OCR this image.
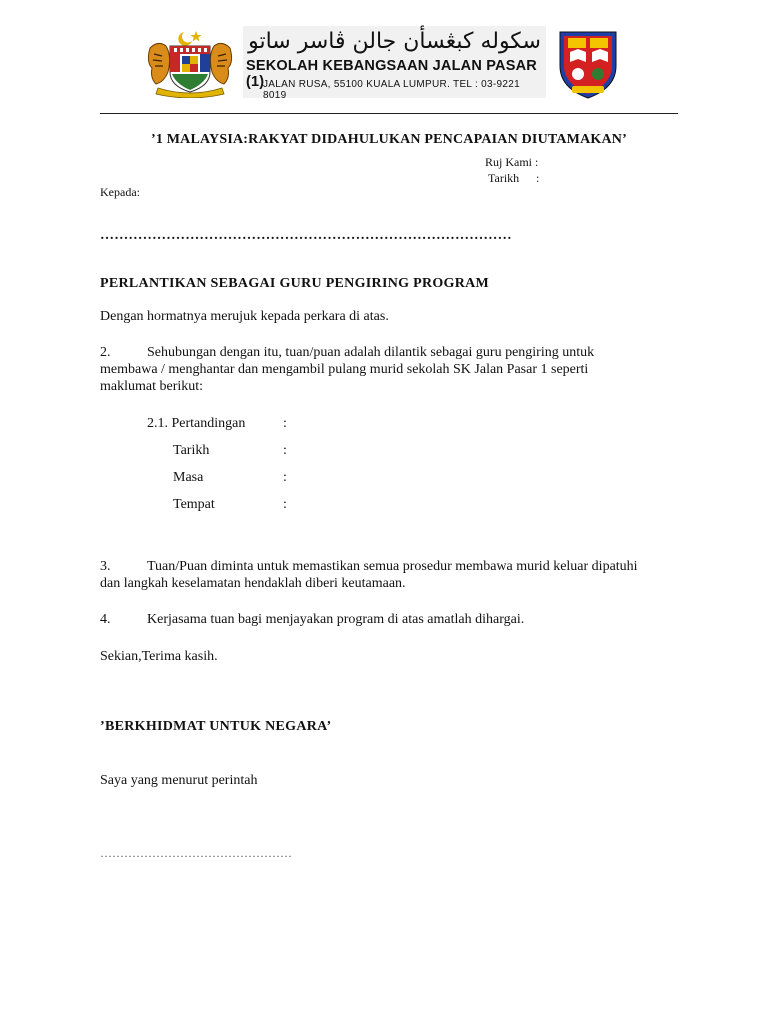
سکوله کبڠسأن جالن ڤاسر ساتو
SEKOLAH KEBANGSAAN JALAN PASAR (1)
JALAN RUSA, 55100 KUALA LUMPUR. TEL : 03-9221 8019
’1 MALAYSIA:RAKYAT DIDAHULUKAN PENCAPAIAN DIUTAMAKAN’
Ruj Kami :
Tarikh :
Kepada:
……………………………………………………………………………
PERLANTIKAN SEBAGAI GURU PENGIRING PROGRAM
Dengan hormatnya merujuk kepada perkara di atas.
2.	Sehubungan dengan itu, tuan/puan adalah dilantik sebagai guru pengiring untuk
membawa / menghantar dan mengambil pulang murid sekolah SK Jalan Pasar 1 seperti
maklumat berikut:
2.1. Pertandingan	:
Tarikh	:
Masa	:
Tempat	:
3.	Tuan/Puan diminta untuk memastikan semua prosedur membawa murid keluar dipatuhi
dan langkah keselamatan hendaklah diberi keutamaan.
4.	Kerjasama tuan bagi menjayakan program di atas amatlah dihargai.
Sekian,Terima kasih.
’BERKHIDMAT UNTUK NEGARA’
Saya yang menurut perintah
…………………………………………
